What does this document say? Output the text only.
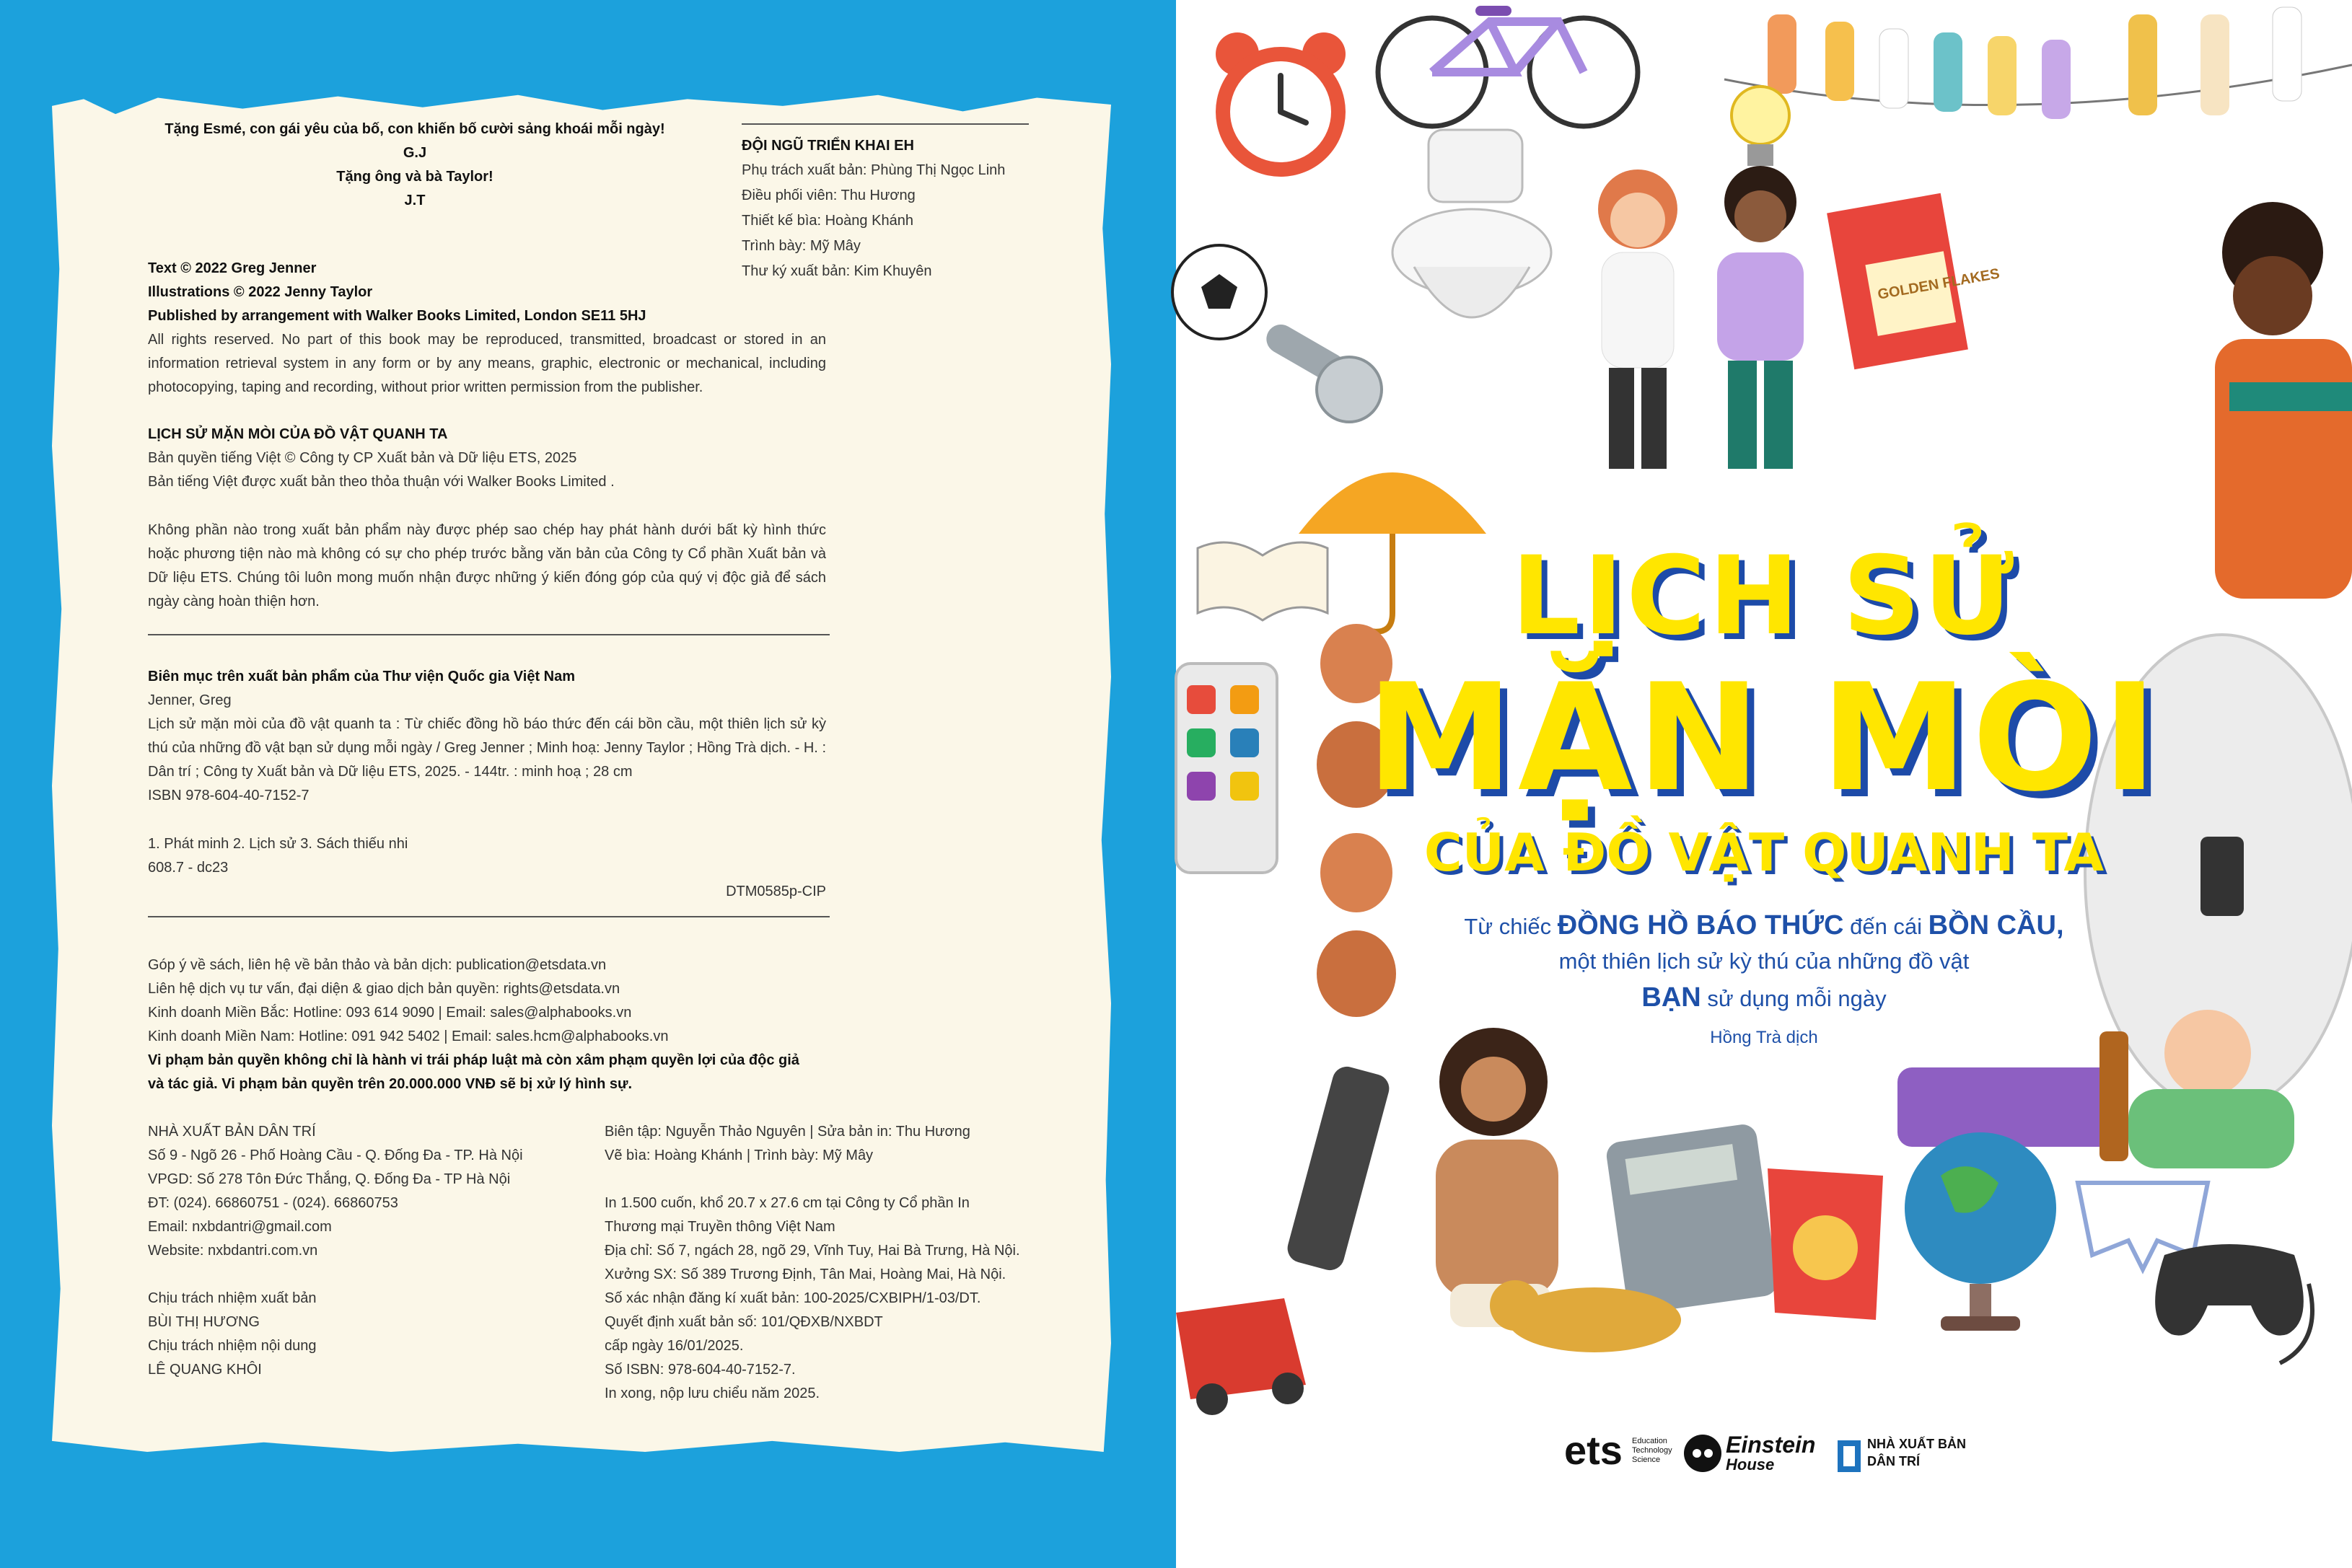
Tặng Esmé, con gái yêu của bố, con khiến bố cười sảng khoái mỗi ngày!
G.J
Tặng ông và bà Taylor!
J.T
ĐỘI NGŨ TRIỂN KHAI EH
Phụ trách xuất bản: Phùng Thị Ngọc Linh
Điều phối viên: Thu Hương
Thiết kế bìa: Hoàng Khánh
Trình bày: Mỹ Mây
Thư ký xuất bản: Kim Khuyên
Text © 2022 Greg Jenner
Illustrations © 2022 Jenny Taylor
Published by arrangement with Walker Books Limited, London SE11 5HJ
All rights reserved. No part of this book may be reproduced, transmitted, broadcast or stored in an information retrieval system in any form or by any means, graphic, electronic or mechanical, including photocopying, taping and recording, without prior written permission from the publisher.
LỊCH SỬ MẶN MÒI CỦA ĐỒ VẬT QUANH TA
Bản quyền tiếng Việt © Công ty CP Xuất bản và Dữ liệu ETS, 2025
Bản tiếng Việt được xuất bản theo thỏa thuận với Walker Books Limited .
Không phần nào trong xuất bản phẩm này được phép sao chép hay phát hành dưới bất kỳ hình thức hoặc phương tiện nào mà không có sự cho phép trước bằng văn bản của Công ty Cổ phần Xuất bản và Dữ liệu ETS. Chúng tôi luôn mong muốn nhận được những ý kiến đóng góp của quý vị độc giả để sách ngày càng hoàn thiện hơn.
Biên mục trên xuất bản phẩm của Thư viện Quốc gia Việt Nam
Jenner, Greg
Lịch sử mặn mòi của đồ vật quanh ta : Từ chiếc đồng hồ báo thức đến cái bồn cầu, một thiên lịch sử kỳ thú của những đồ vật bạn sử dụng mỗi ngày / Greg Jenner ; Minh hoạ: Jenny Taylor ; Hồng Trà dịch. - H. : Dân trí ; Công ty Xuất bản và Dữ liệu ETS, 2025. - 144tr. : minh hoạ ; 28 cm
ISBN 978-604-40-7152-7
1. Phát minh 2. Lịch sử 3. Sách thiếu nhi
608.7 - dc23
DTM0585p-CIP
Góp ý về sách, liên hệ về bản thảo và bản dịch: publication@etsdata.vn
Liên hệ dịch vụ tư vấn, đại diện & giao dịch bản quyền: rights@etsdata.vn
Kinh doanh Miền Bắc: Hotline: 093 614 9090 | Email: sales@alphabooks.vn
Kinh doanh Miền Nam: Hotline: 091 942 5402 | Email: sales.hcm@alphabooks.vn
Vi phạm bản quyền không chỉ là hành vi trái pháp luật mà còn xâm phạm quyền lợi của độc giả
và tác giả. Vi phạm bản quyền trên 20.000.000 VNĐ sẽ bị xử lý hình sự.
NHÀ XUẤT BẢN DÂN TRÍ
Số 9 - Ngõ 26 - Phố Hoàng Cầu - Q. Đống Đa - TP. Hà Nội
VPGD: Số 278 Tôn Đức Thắng, Q. Đống Đa - TP Hà Nội
ĐT: (024). 66860751 - (024). 66860753
Email: nxbdantri@gmail.com
Website: nxbdantri.com.vn
Chịu trách nhiệm xuất bản
BÙI THỊ HƯƠNG
Chịu trách nhiệm nội dung
LÊ QUANG KHÔI
Biên tập: Nguyễn Thảo Nguyên | Sửa bản in: Thu Hương
Vẽ bìa: Hoàng Khánh | Trình bày: Mỹ Mây
In 1.500 cuốn, khổ 20.7 x 27.6 cm tại Công ty Cổ phần In
Thương mại Truyền thông Việt Nam
Địa chỉ: Số 7, ngách 28, ngõ 29, Vĩnh Tuy, Hai Bà Trưng, Hà Nội.
Xưởng SX: Số 389 Trương Định, Tân Mai, Hoàng Mai, Hà Nội.
Số xác nhận đăng kí xuất bản: 100-2025/CXBIPH/1-03/DT.
Quyết định xuất bản số: 101/QĐXB/NXBDT
cấp ngày 16/01/2025.
Số ISBN: 978-604-40-7152-7.
In xong, nộp lưu chiểu năm 2025.
GOLDEN FLAKES
LỊCH SỬ
MẶN MÒI
CỦA ĐỒ VẬT QUANH TA
Từ chiếc ĐỒNG HỒ BÁO THỨC đến cái BỒN CẦU,
một thiên lịch sử kỳ thú của những đồ vật
BẠN sử dụng mỗi ngày
Hồng Trà dịch
ets Education Technology Science
Einstein
House
NHÀ XUẤT BẢN
DÂN TRÍ
